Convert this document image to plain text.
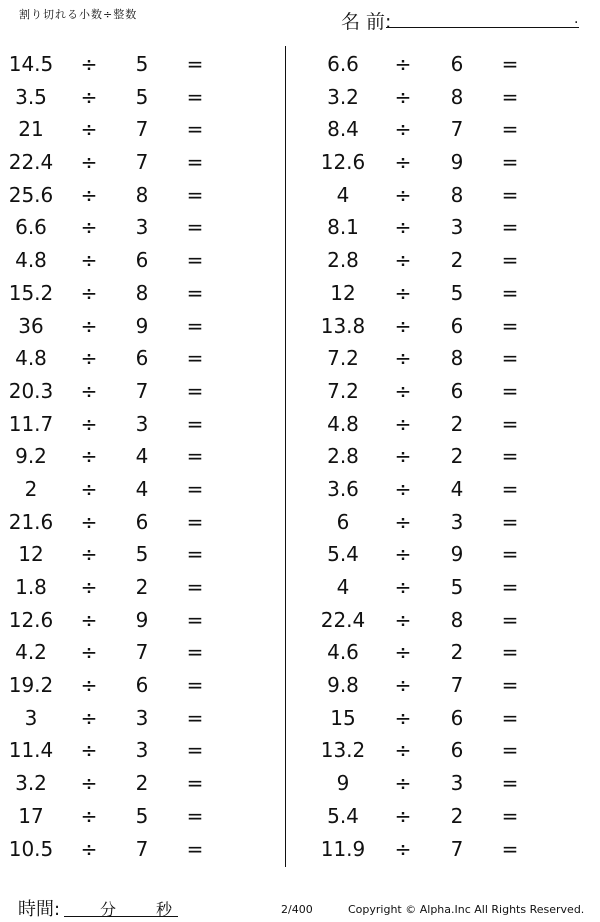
割り切れる小数÷整数	名 前:	.
14.5	÷	5	=
3.5	÷	5	=
21	÷	7	=
22.4	÷	7	=
25.6	÷	8	=
6.6	÷	3	=
4.8	÷	6	=
15.2	÷	8	=
36	÷	9	=
4.8	÷	6	=
20.3	÷	7	=
11.7	÷	3	=
9.2	÷	4	=
2	÷	4	=
21.6	÷	6	=
12	÷	5	=
1.8	÷	2	=
12.6	÷	9	=
4.2	÷	7	=
19.2	÷	6	=
3	÷	3	=
11.4	÷	3	=
3.2	÷	2	=
17	÷	5	=
10.5	÷	7	=
6.6	÷	6	=
3.2	÷	8	=
8.4	÷	7	=
12.6	÷	9	=
4	÷	8	=
8.1	÷	3	=
2.8	÷	2	=
12	÷	5	=
13.8	÷	6	=
7.2	÷	8	=
7.2	÷	6	=
4.8	÷	2	=
2.8	÷	2	=
3.6	÷	4	=
6	÷	3	=
5.4	÷	9	=
4	÷	5	=
22.4	÷	8	=
4.6	÷	2	=
9.8	÷	7	=
15	÷	6	=
13.2	÷	6	=
9	÷	3	=
5.4	÷	2	=
11.9	÷	7	=
時間: 分 秒	2/400	Copyright © Alpha.Inc All Rights Reserved.
